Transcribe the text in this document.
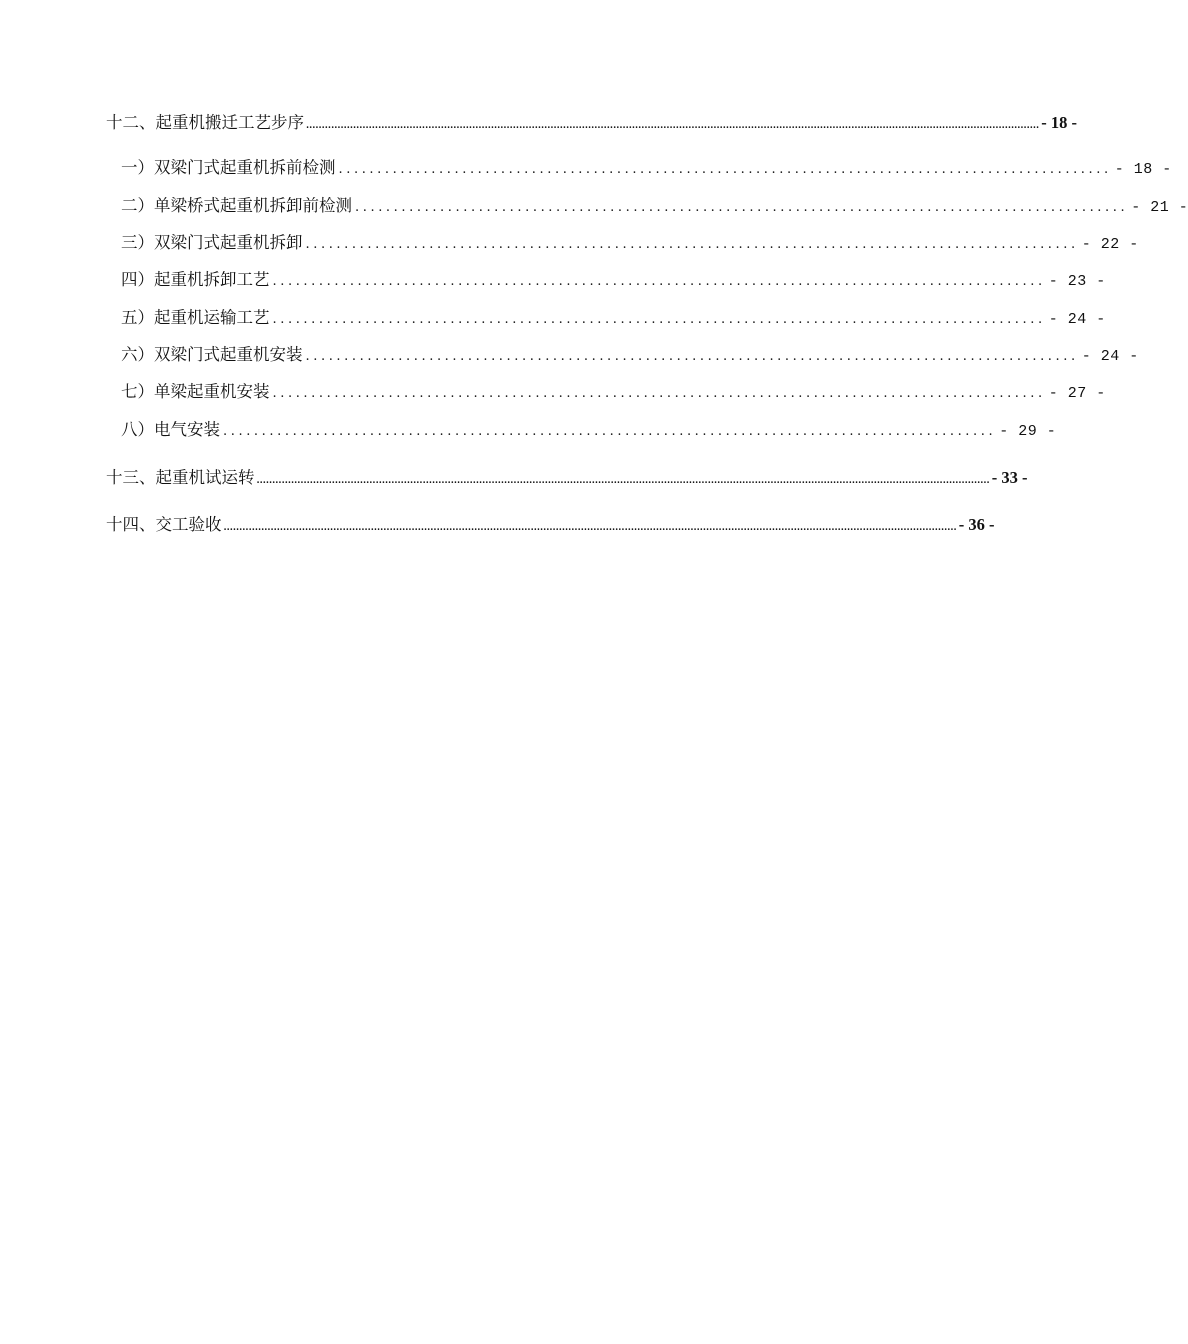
十二、起重机搬迁工艺步序 .......................................................................................................................................................................................................................................... - 18 -
一）双梁门式起重机拆前检测 .................................................................................................... - 18 -
二）单梁桥式起重机拆卸前检测 .................................................................................................... - 21 -
三）双梁门式起重机拆卸 .................................................................................................... - 22 -
四）起重机拆卸工艺 .................................................................................................... - 23 -
五）起重机运输工艺 .................................................................................................... - 24 -
六）双梁门式起重机安装 .................................................................................................... - 24 -
七）单梁起重机安装 .................................................................................................... - 27 -
八）电气安装 .................................................................................................... - 29 -
十三、起重机试运转 .......................................................................................................................................................................................................................................... - 33 -
十四、交工验收 .......................................................................................................................................................................................................................................... - 36 -
